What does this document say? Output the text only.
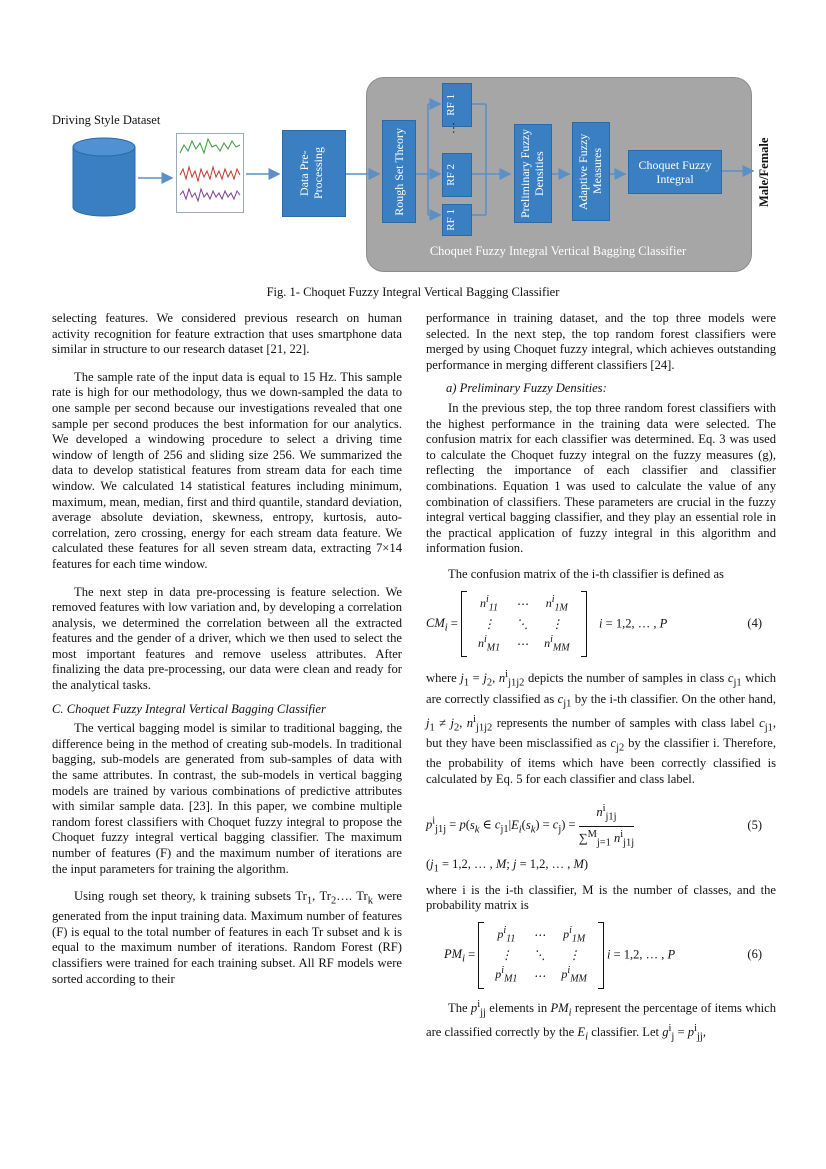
Driving Style Dataset
Choquet Fuzzy Integral Vertical Bagging Classifier
Data Pre-Processing	Rough Set Theory
RF 1
…
RF 2
RF 1
Preliminary Fuzzy Densities	Adaptive Fuzzy Measures	Choquet Fuzzy Integral	Male/Female
Fig. 1- Choquet Fuzzy Integral Vertical Bagging Classifier

selecting features. We considered previous research on human activity recognition for feature extraction that uses smartphone data similar in structure to our research dataset [21, 22].

The sample rate of the input data is equal to 15 Hz. This sample rate is high for our methodology, thus we down-sampled the data to one sample per second because our investigations revealed that one sample per second produces the best information for our analytics. We developed a windowing procedure to select a driving time window of length of 256 and sliding size 256. We summarized the data to develop statistical features from stream data for each time window. We calculated 14 statistical features including minimum, maximum, mean, median, first and third quantile, standard deviation, average absolute deviation, skewness, entropy, kurtosis, auto-correlation, zero crossing, energy for each stream data feature. We calculated these features for all seven stream data, extracting 7×14 features for each time window.

The next step in data pre-processing is feature selection. We removed features with low variation and, by developing a correlation analysis, we determined the correlation between all the extracted features and the gender of a driver, which we then used to select the most important features and remove useless attributes. After finalizing the data pre-processing, our data were clean and ready for the analytical tasks.

C. Choquet Fuzzy Integral Vertical Bagging Classifier

The vertical bagging model is similar to traditional bagging, the difference being in the method of creating sub-models. In traditional bagging, sub-models are generated from sub-samples of data with the same attributes. In contrast, the sub-models in vertical bagging models are trained by various combinations of predictive attributes with similar sample data. [23]. In this paper, we combine multiple random forest classifiers with Choquet fuzzy integral to propose the Choquet fuzzy integral vertical bagging classifier. The maximum number of features (F) and the maximum number of iterations are the input parameters for training the algorithm.

Using rough set theory, k training subsets $Tr_1$, $Tr_2\dots$. $Tr_k$ were generated from the input training data. Maximum number of features (F) is equal to the total number of features in each Tr subset and k is equal to the maximum number of iterations. Random Forest (RF) classifiers were trained for each training subset. All RF models were sorted according to their

performance in training dataset, and the top three models were selected. In the next step, the top random forest classifiers were merged by using Choquet fuzzy integral, which achieves outstanding performance in merging different classifiers [24].

a) Preliminary Fuzzy Densities:

In the previous step, the top three random forest classifiers with the highest performance in the training data were selected. The confusion matrix for each classifier was determined. Eq. 3 was used to calculate the Choquet fuzzy integral on the fuzzy measures (g), reflecting the importance of each classifier and classifier combinations. Equation 1 was used to calculate the value of any combination of classifiers. These parameters are crucial in the fuzzy integral vertical bagging classifier, and they play an essential role in the practical application of fuzzy integral in this algorithm and information fusion.

The confusion matrix of the i-th classifier is defined as

$CM_i$ =
$n^i_{11}$	⋯	$n^i_{1M}$
⋮	⋱	⋮
$n^i_{M1}$	⋯	$n^i_{MM}$
i = 1,2, … , P	(4)

where $j_1 = j_2$, $n^i_{j1j2}$ depicts the number of samples in class $c_{j1}$ which are correctly classified as $c_{j1}$ by the i-th classifier. On the other hand, $j_1 \ne j_2$, $n^i_{j1j2}$ represents the number of samples with class label $c_{j1}$, but they have been misclassified as $c_{j2}$ by the classifier i. Therefore, the probability of items which have been correctly classified is calculated by Eq. 5 for each classifier and class label.

$p^i_{j1j} = p(s_k$ ∈ $c_{j1}|E_i(s_k) = c_j$) =
$n^i_{j1j}$
∑$^M_{j=1}$ $n^i_{j1j}$
(5)
($j_1 = 1,2$, … , M; j = 1,2, … , M)

where i is the i-th classifier, M is the number of classes, and the probability matrix is

$PM_i$ =
$p^i_{11}$	⋯	$p^i_{1M}$
⋮	⋱	⋮
$p^i_{M1}$	⋯	$p^i_{MM}$
i = 1,2, … , P	(6)

The $p^i_{jj}$ elements in $PM_i$ represent the percentage of items which are classified correctly by the $E_i$ classifier. Let $g^i_j = p^i_{jj}$,
